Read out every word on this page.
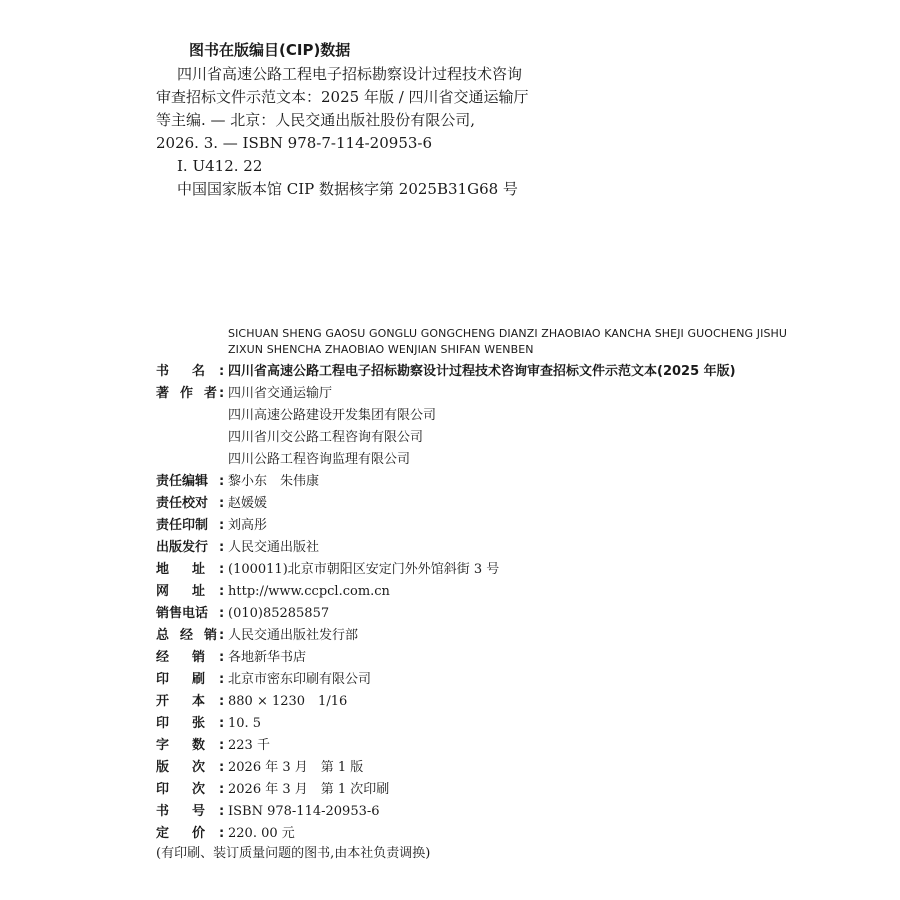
图书在版编目(CIP)数据
四川省高速公路工程电子招标勘察设计过程技术咨询
审查招标文件示范文本：2025 年版 / 四川省交通运输厅
等主编. — 北京：人民交通出版社股份有限公司,
2026. 3. — ISBN 978-7-114-20953-6
Ⅰ. U412. 22
中国国家版本馆 CIP 数据核字第 2025B31G68 号
SICHUAN SHENG GAOSU GONGLU GONGCHENG DIANZI ZHAOBIAO KANCHA SHEJI GUOCHENG JISHU
ZIXUN SHENCHA ZHAOBIAO WENJIAN SHIFAN WENBEN
书 名 : 四川省高速公路工程电子招标勘察设计过程技术咨询审查招标文件示范文本(2025 年版)
著 作 者 : 四川省交通运输厅
四川高速公路建设开发集团有限公司
四川省川交公路工程咨询有限公司
四川公路工程咨询监理有限公司
责任编辑 : 黎小东　朱伟康
责任校对 : 赵媛媛
责任印制 : 刘高彤
出版发行 : 人民交通出版社
地 址 : (100011)北京市朝阳区安定门外外馆斜街 3 号
网 址 : http://www.ccpcl.com.cn
销售电话 : (010)85285857
总 经 销 : 人民交通出版社发行部
经 销 : 各地新华书店
印 刷 : 北京市密东印刷有限公司
开 本 : 880 × 1230　1/16
印 张 : 10. 5
字 数 : 223 千
版 次 : 2026 年 3 月　第 1 版
印 次 : 2026 年 3 月　第 1 次印刷
书 号 : ISBN 978-114-20953-6
定 价 : 220. 00 元
(有印刷、装订质量问题的图书,由本社负责调换)
